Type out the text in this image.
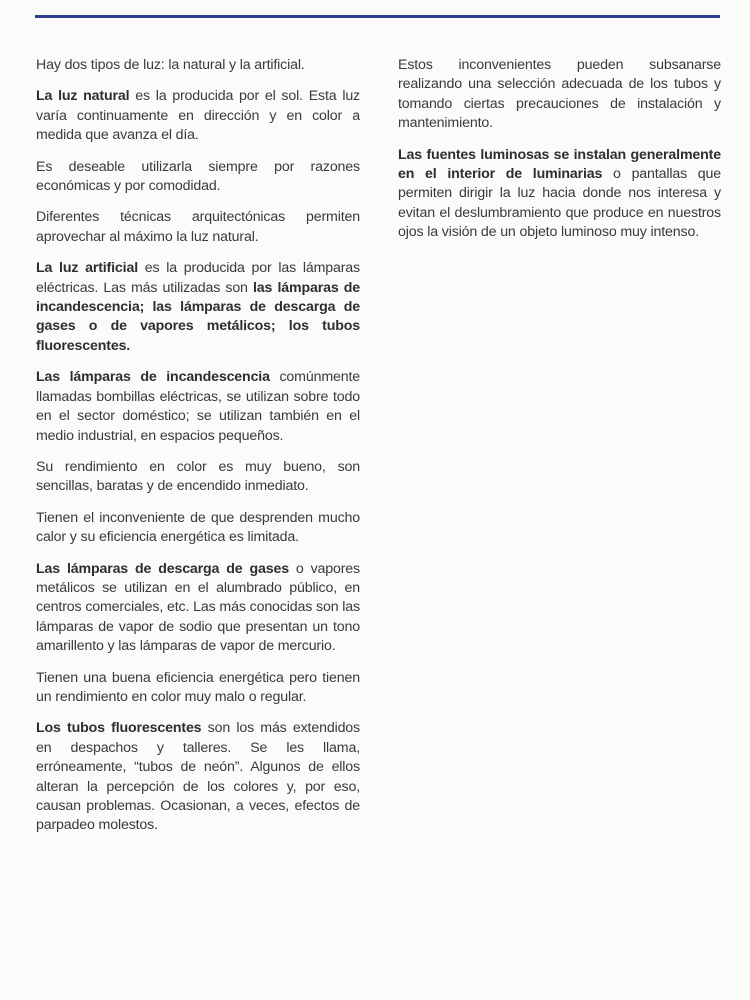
Hay dos tipos de luz: la natural y la artificial.

La luz natural es la producida por el sol. Esta luz varía continuamente en dirección y en color a medida que avanza el día.

Es deseable utilizarla siempre por razones económicas y por comodidad.

Diferentes técnicas arquitectónicas permiten aprovechar al máximo la luz natural.

La luz artificial es la producida por las lámparas eléctricas. Las más utilizadas son las lámparas de incandescencia; las lámparas de descarga de gases o de vapores metálicos; los tubos fluorescentes.

Las lámparas de incandescencia comúnmente llamadas bombillas eléctricas, se utilizan sobre todo en el sector doméstico; se utilizan también en el medio industrial, en espacios pequeños.

Su rendimiento en color es muy bueno, son sencillas, baratas y de encendido inmediato.

Tienen el inconveniente de que desprenden mucho calor y su eficiencia energética es limitada.

Las lámparas de descarga de gases o vapores metálicos se utilizan en el alumbrado público, en centros comerciales, etc. Las más conocidas son las lámparas de vapor de sodio que presentan un tono amarillento y las lámparas de vapor de mercurio.

Tienen una buena eficiencia energética pero tienen un rendimiento en color muy malo o regular.

Los tubos fluorescentes son los más extendidos en despachos y talleres. Se les llama, erróneamente, “tubos de neón”. Algunos de ellos alteran la percepción de los colores y, por eso, causan problemas. Ocasionan, a veces, efectos de parpadeo molestos.

Estos inconvenientes pueden subsanarse realizando una selección adecuada de los tubos y tomando ciertas precauciones de instalación y mantenimiento.

Las fuentes luminosas se instalan generalmente en el interior de luminarias o pantallas que permiten dirigir la luz hacia donde nos interesa y evitan el deslumbramiento que produce en nuestros ojos la visión de un objeto luminoso muy intenso.
